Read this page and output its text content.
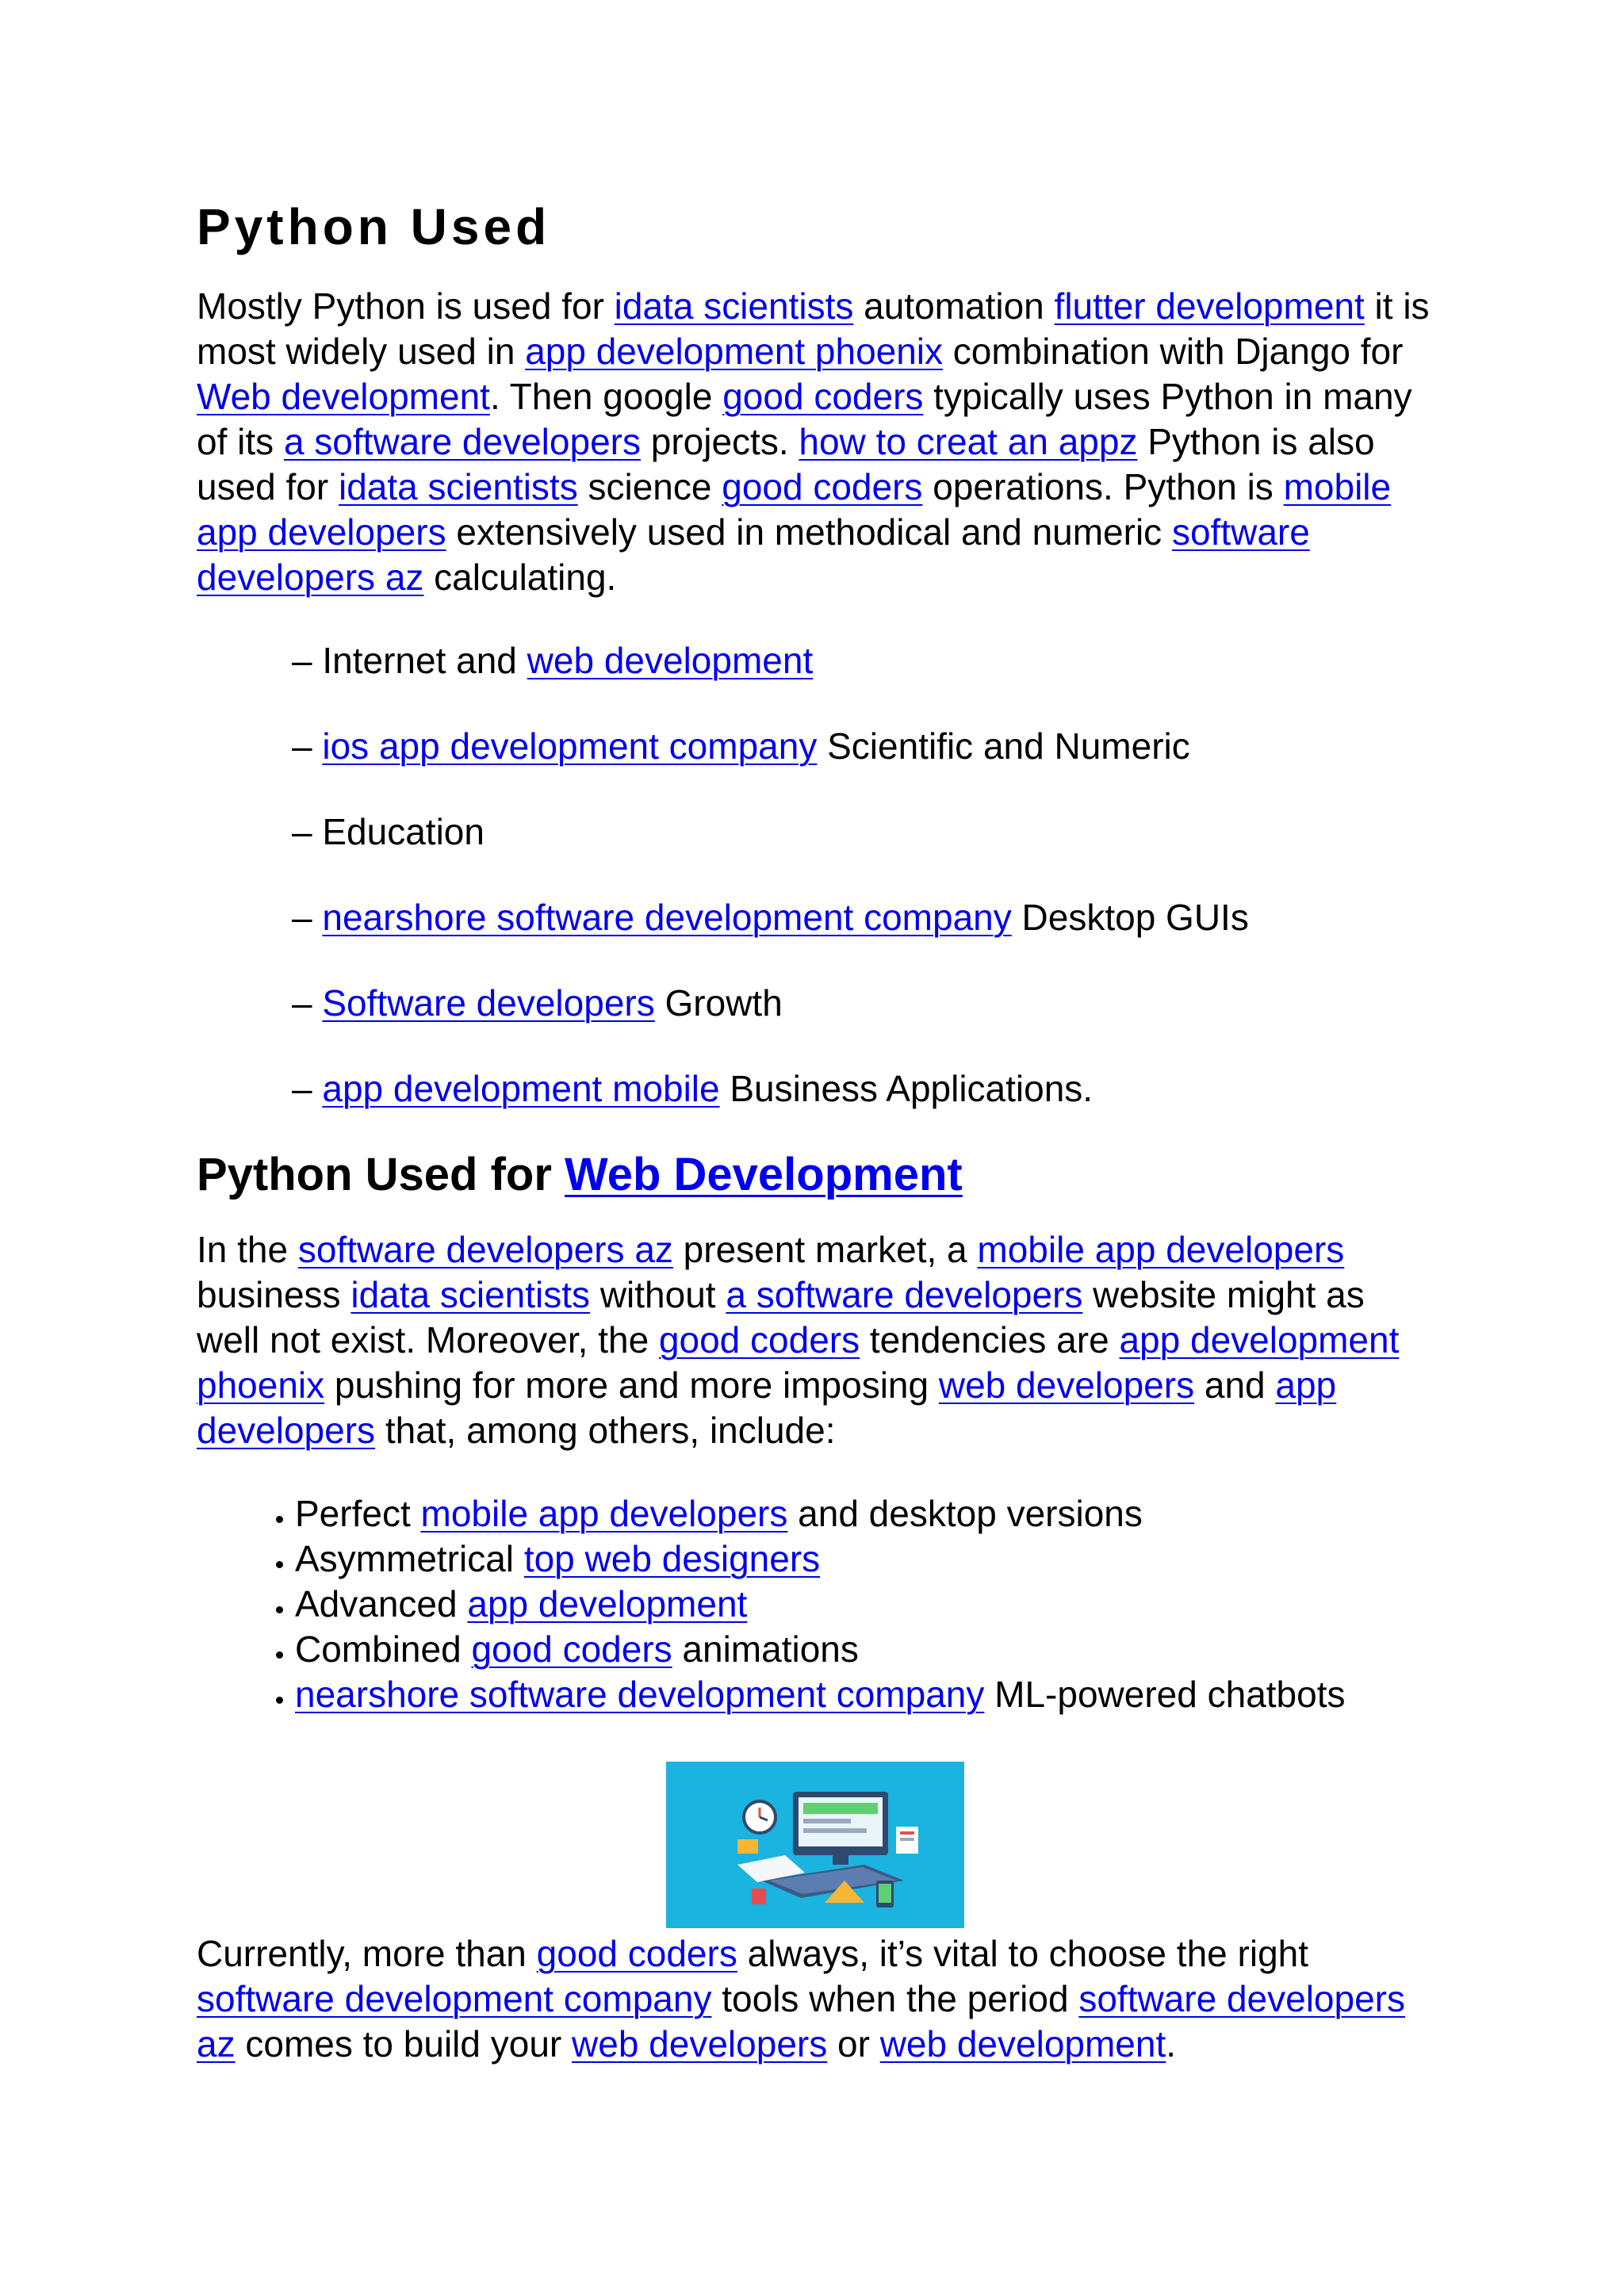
Python Used

Mostly Python is used for idata scientists automation flutter development it is most widely used in app development phoenix combination with Django for Web development. Then google good coders typically uses Python in many of its a software developers projects. how to creat an appz Python is also used for idata scientists science good coders operations. Python is mobile app developers extensively used in methodical and numeric software developers az calculating.

– Internet and web development
– ios app development company Scientific and Numeric
– Education
– nearshore software development company Desktop GUIs
– Software developers Growth
– app development mobile Business Applications.
Python Used for Web Development

In the software developers az present market, a mobile app developers business idata scientists without a software developers website might as well not exist. Moreover, the good coders tendencies are app development phoenix pushing for more and more imposing web developers and app developers that, among others, include:

• Perfect mobile app developers and desktop versions
• Asymmetrical top web designers
• Advanced app development
• Combined good coders animations
• nearshore software development company ML-powered chatbots

Currently, more than good coders always, it’s vital to choose the right software development company tools when the period software developers az comes to build your web developers or web development.
